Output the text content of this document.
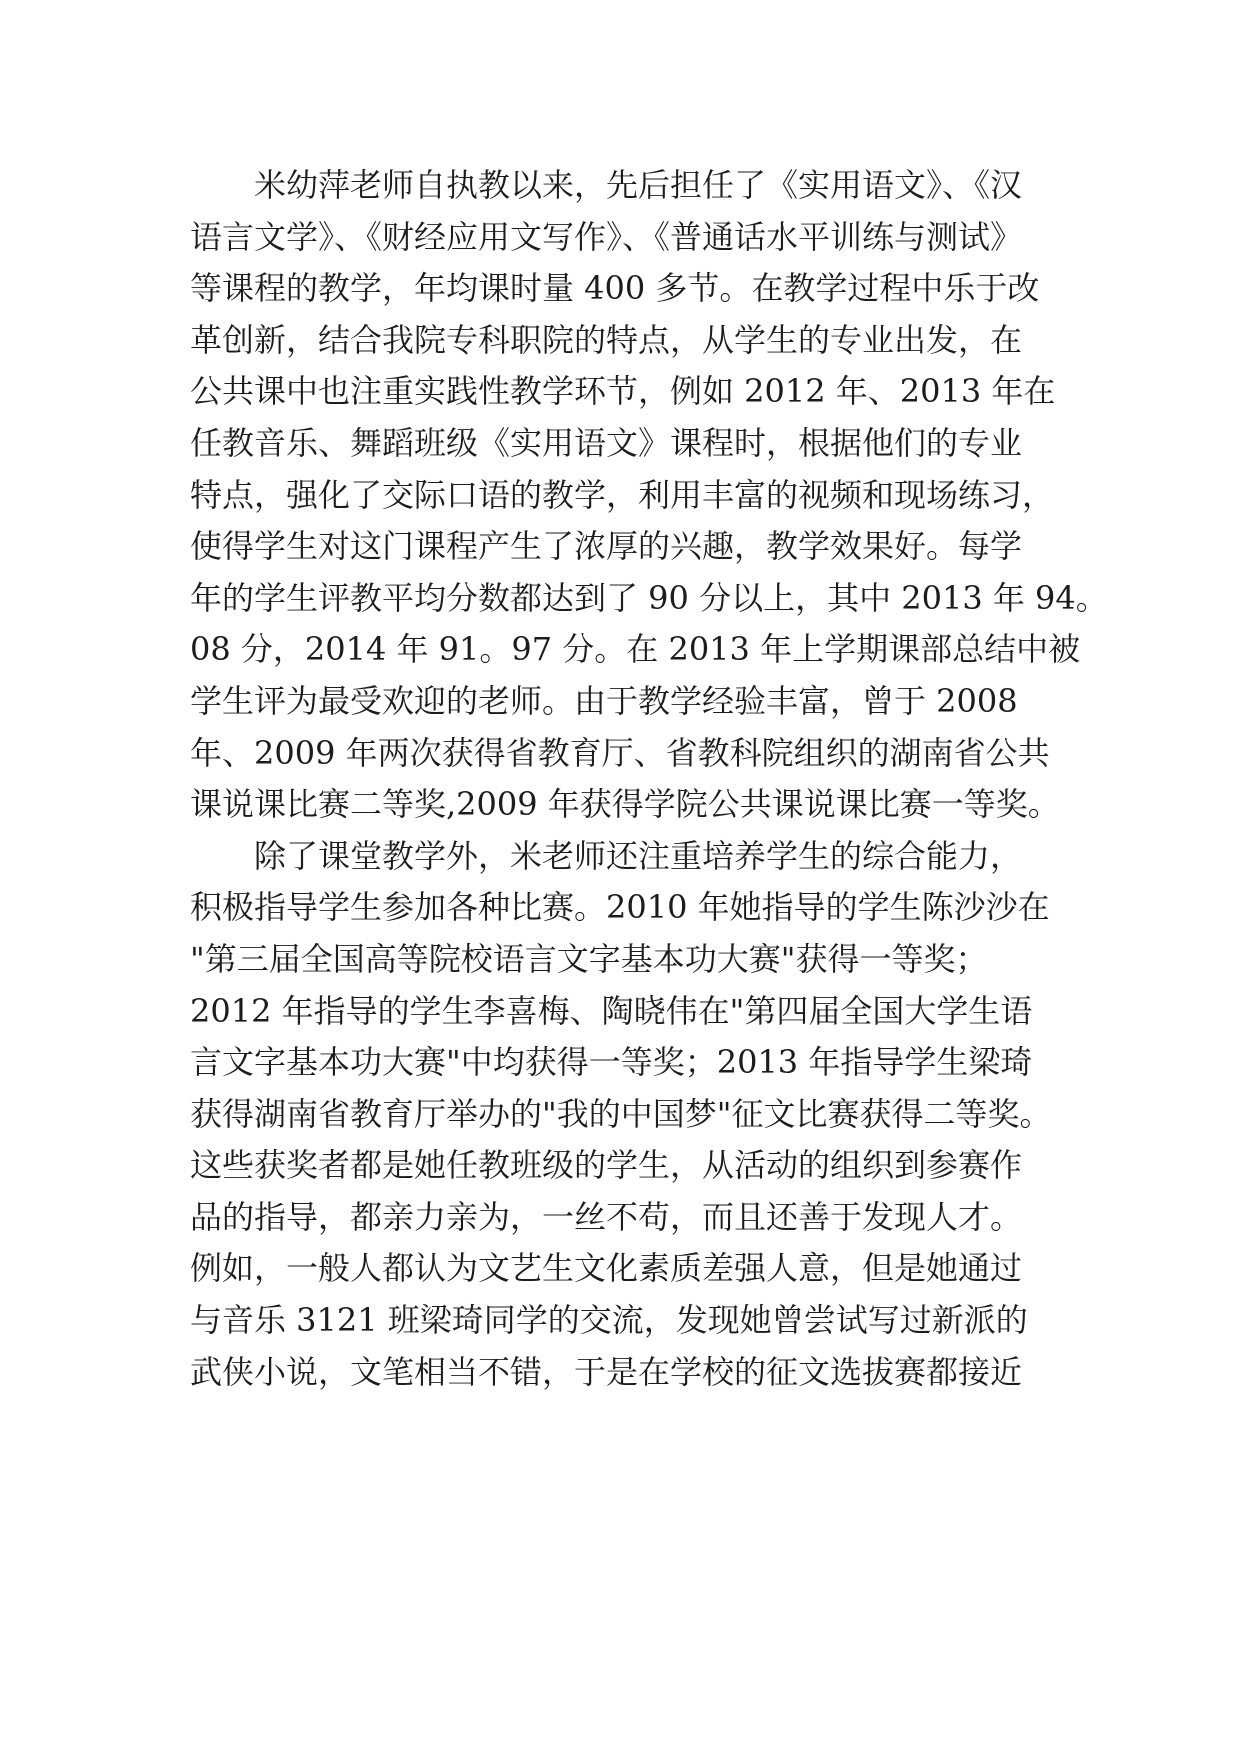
米幼萍老师自执教以来，先后担任了《实用语文》、《汉
语言文学》、《财经应用文写作》、《普通话水平训练与测试》
等课程的教学，年均课时量 400 多节。在教学过程中乐于改
革创新，结合我院专科职院的特点，从学生的专业出发，在
公共课中也注重实践性教学环节，例如 2012 年、2013 年在
任教音乐、舞蹈班级《实用语文》课程时，根据他们的专业
特点，强化了交际口语的教学，利用丰富的视频和现场练习，
使得学生对这门课程产生了浓厚的兴趣，教学效果好。每学
年的学生评教平均分数都达到了 90 分以上，其中 2013 年 94。
08 分，2014 年 91。97 分。在 2013 年上学期课部总结中被
学生评为最受欢迎的老师。由于教学经验丰富，曾于 2008
年、2009 年两次获得省教育厅、省教科院组织的湖南省公共
课说课比赛二等奖,2009 年获得学院公共课说课比赛一等奖。
除了课堂教学外，米老师还注重培养学生的综合能力，
积极指导学生参加各种比赛。2010 年她指导的学生陈沙沙在
"第三届全国高等院校语言文字基本功大赛"获得一等奖；
2012 年指导的学生李喜梅、陶晓伟在"第四届全国大学生语
言文字基本功大赛"中均获得一等奖；2013 年指导学生梁琦
获得湖南省教育厅举办的"我的中国梦"征文比赛获得二等奖。
这些获奖者都是她任教班级的学生，从活动的组织到参赛作
品的指导，都亲力亲为，一丝不苟，而且还善于发现人才。
例如，一般人都认为文艺生文化素质差强人意，但是她通过
与音乐 3121 班梁琦同学的交流，发现她曾尝试写过新派的
武侠小说，文笔相当不错，于是在学校的征文选拔赛都接近
